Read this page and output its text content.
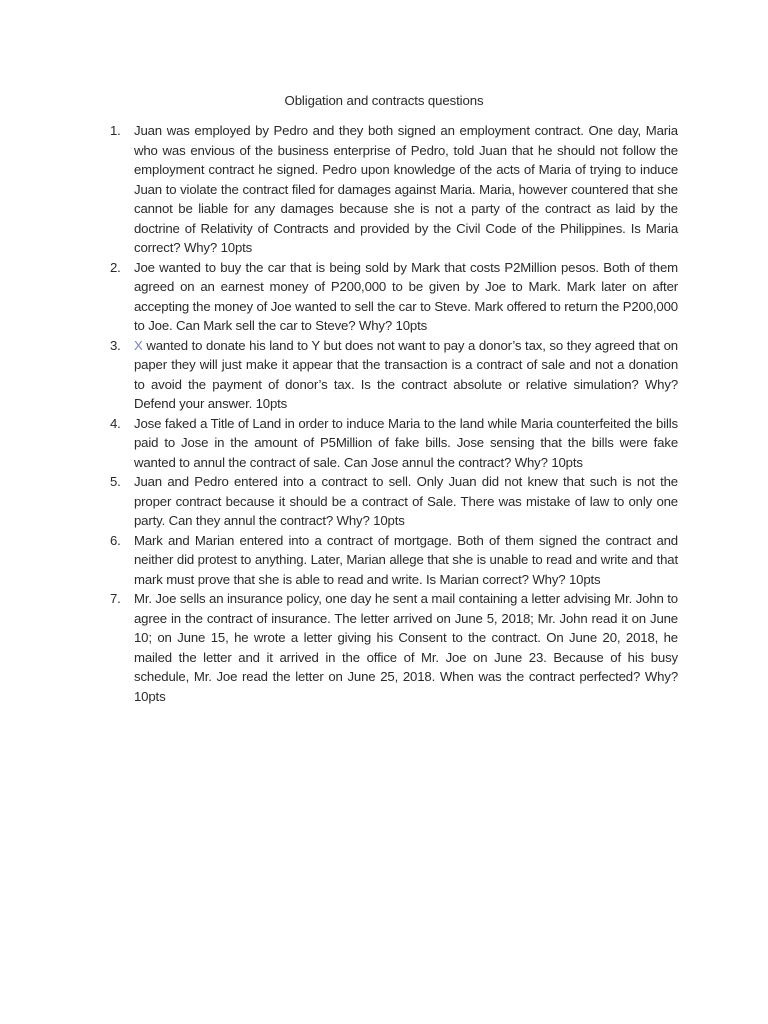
Obligation and contracts questions
1. Juan was employed by Pedro and they both signed an employment contract. One day, Maria who was envious of the business enterprise of Pedro, told Juan that he should not follow the employment contract he signed. Pedro upon knowledge of the acts of Maria of trying to induce Juan to violate the contract filed for damages against Maria. Maria, however countered that she cannot be liable for any damages because she is not a party of the contract as laid by the doctrine of Relativity of Contracts and provided by the Civil Code of the Philippines. Is Maria correct? Why? 10pts
2. Joe wanted to buy the car that is being sold by Mark that costs P2Million pesos. Both of them agreed on an earnest money of P200,000 to be given by Joe to Mark. Mark later on after accepting the money of Joe wanted to sell the car to Steve. Mark offered to return the P200,000 to Joe. Can Mark sell the car to Steve? Why? 10pts
3. X wanted to donate his land to Y but does not want to pay a donor’s tax, so they agreed that on paper they will just make it appear that the transaction is a contract of sale and not a donation to avoid the payment of donor’s tax. Is the contract absolute or relative simulation? Why? Defend your answer. 10pts
4. Jose faked a Title of Land in order to induce Maria to the land while Maria counterfeited the bills paid to Jose in the amount of P5Million of fake bills. Jose sensing that the bills were fake wanted to annul the contract of sale. Can Jose annul the contract? Why? 10pts
5. Juan and Pedro entered into a contract to sell. Only Juan did not knew that such is not the proper contract because it should be a contract of Sale. There was mistake of law to only one party. Can they annul the contract? Why? 10pts
6. Mark and Marian entered into a contract of mortgage. Both of them signed the contract and neither did protest to anything. Later, Marian allege that she is unable to read and write and that mark must prove that she is able to read and write. Is Marian correct? Why? 10pts
7. Mr. Joe sells an insurance policy, one day he sent a mail containing a letter advising Mr. John to agree in the contract of insurance. The letter arrived on June 5, 2018; Mr. John read it on June 10; on June 15, he wrote a letter giving his Consent to the contract. On June 20, 2018, he mailed the letter and it arrived in the office of Mr. Joe on June 23. Because of his busy schedule, Mr. Joe read the letter on June 25, 2018. When was the contract perfected? Why? 10pts
